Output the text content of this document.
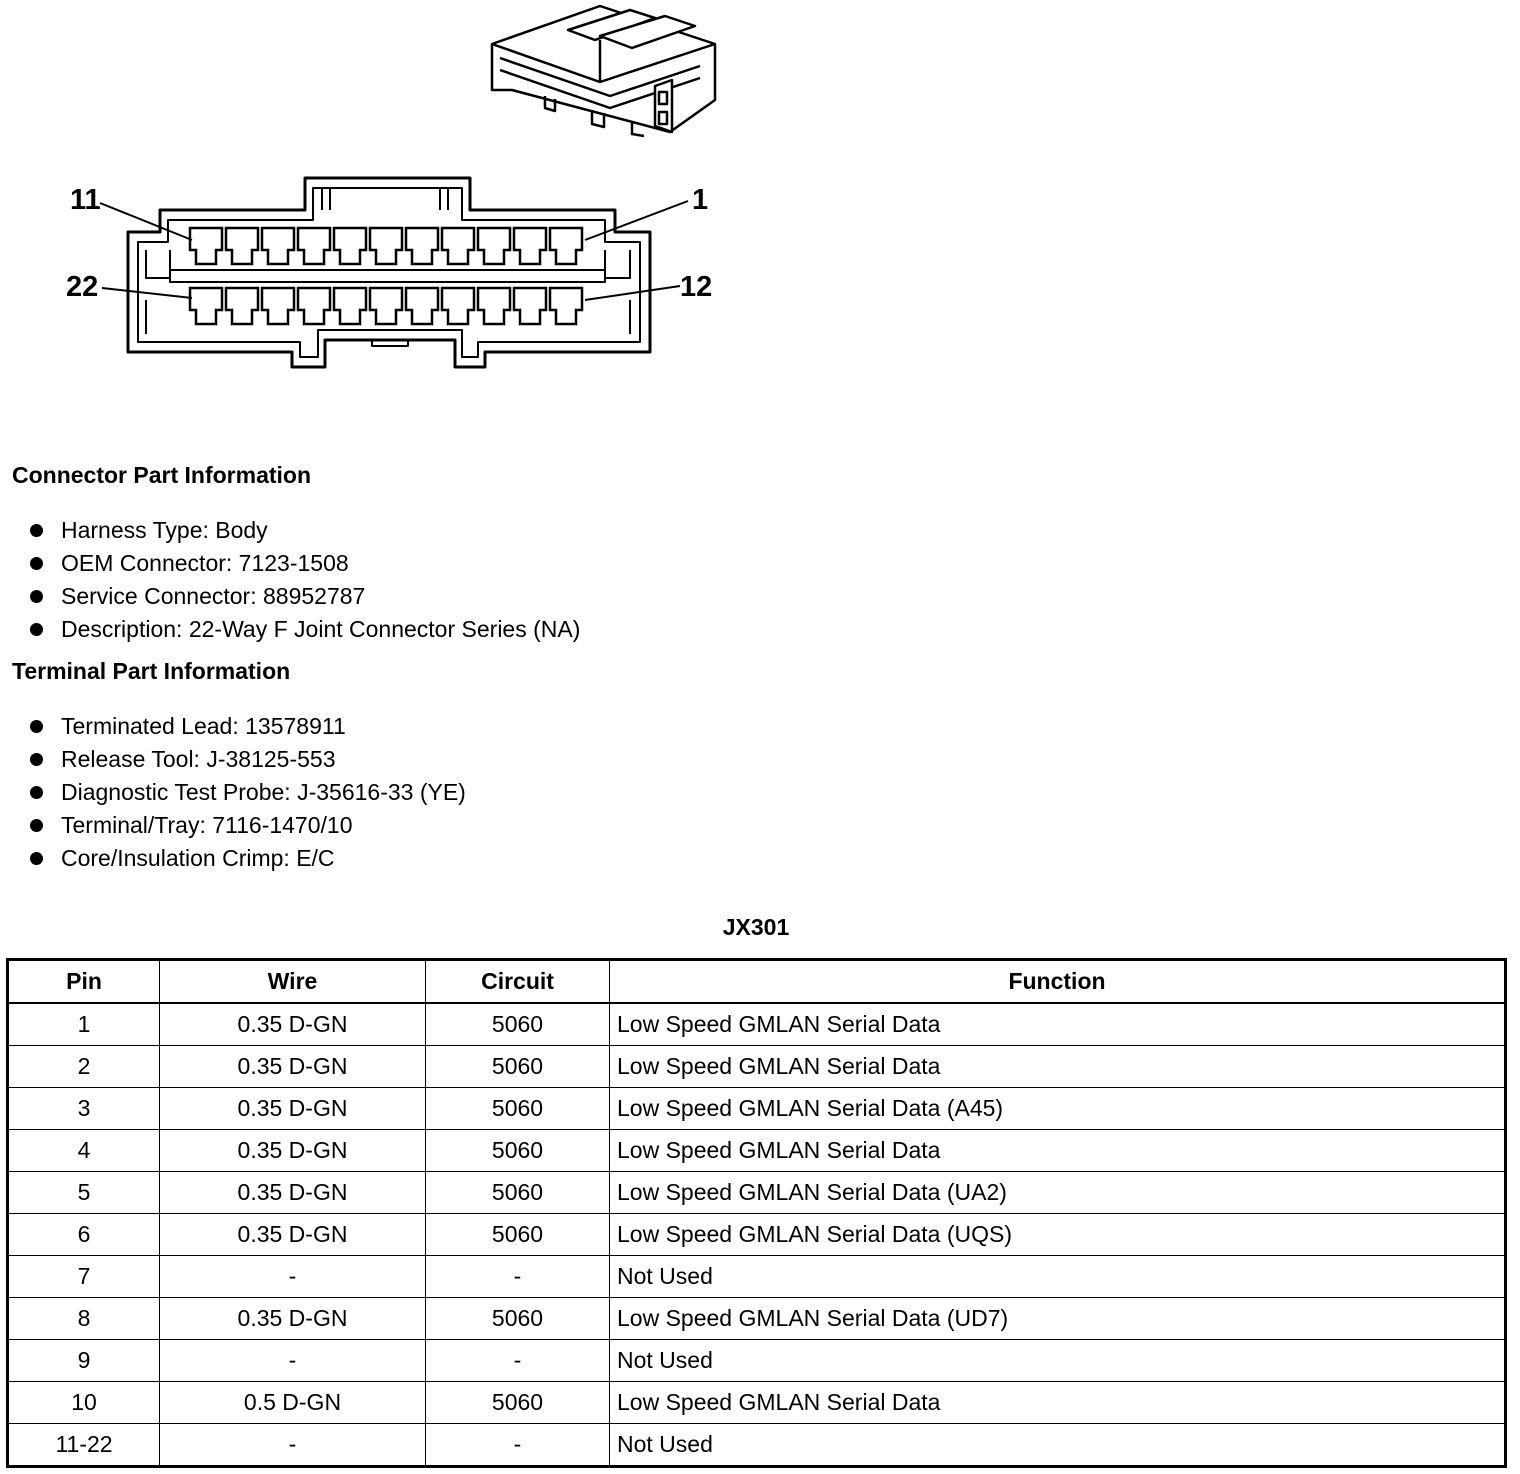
11	1
22	12
Connector Part Information
Harness Type: Body
OEM Connector: 7123-1508
Service Connector: 88952787
Description: 22-Way F Joint Connector Series (NA)
Terminal Part Information
Terminated Lead: 13578911
Release Tool: J-38125-553
Diagnostic Test Probe: J-35616-33 (YE)
Terminal/Tray: 7116-1470/10
Core/Insulation Crimp: E/C
JX301
Pin	Wire	Circuit	Function
1	0.35 D-GN	5060	Low Speed GMLAN Serial Data
2	0.35 D-GN	5060	Low Speed GMLAN Serial Data
3	0.35 D-GN	5060	Low Speed GMLAN Serial Data (A45)
4	0.35 D-GN	5060	Low Speed GMLAN Serial Data
5	0.35 D-GN	5060	Low Speed GMLAN Serial Data (UA2)
6	0.35 D-GN	5060	Low Speed GMLAN Serial Data (UQS)
7	-	-	Not Used
8	0.35 D-GN	5060	Low Speed GMLAN Serial Data (UD7)
9	-	-	Not Used
10	0.5 D-GN	5060	Low Speed GMLAN Serial Data
11-22	-	-	Not Used
